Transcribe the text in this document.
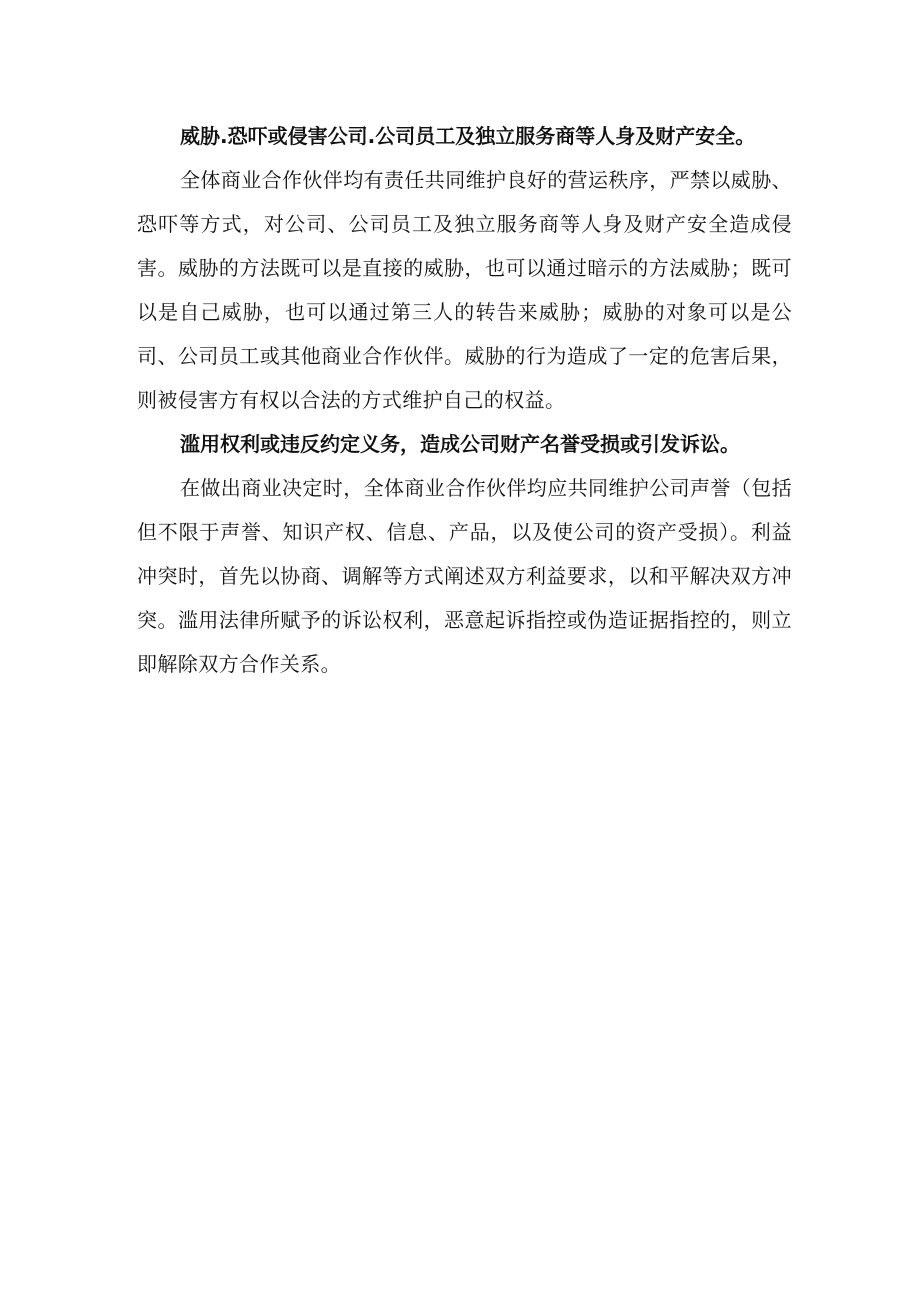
威胁.恐吓或侵害公司.公司员工及独立服务商等人身及财产安全。

全体商业合作伙伴均有责任共同维护良好的营运秩序，严禁以威胁、恐吓等方式，对公司、公司员工及独立服务商等人身及财产安全造成侵害。威胁的方法既可以是直接的威胁，也可以通过暗示的方法威胁；既可以是自己威胁，也可以通过第三人的转告来威胁；威胁的对象可以是公司、公司员工或其他商业合作伙伴。威胁的行为造成了一定的危害后果，则被侵害方有权以合法的方式维护自己的权益。

滥用权利或违反约定义务，造成公司财产名誉受损或引发诉讼。

在做出商业决定时，全体商业合作伙伴均应共同维护公司声誉（包括但不限于声誉、知识产权、信息、产品，以及使公司的资产受损）。利益冲突时，首先以协商、调解等方式阐述双方利益要求，以和平解决双方冲突。滥用法律所赋予的诉讼权利，恶意起诉指控或伪造证据指控的，则立即解除双方合作关系。
